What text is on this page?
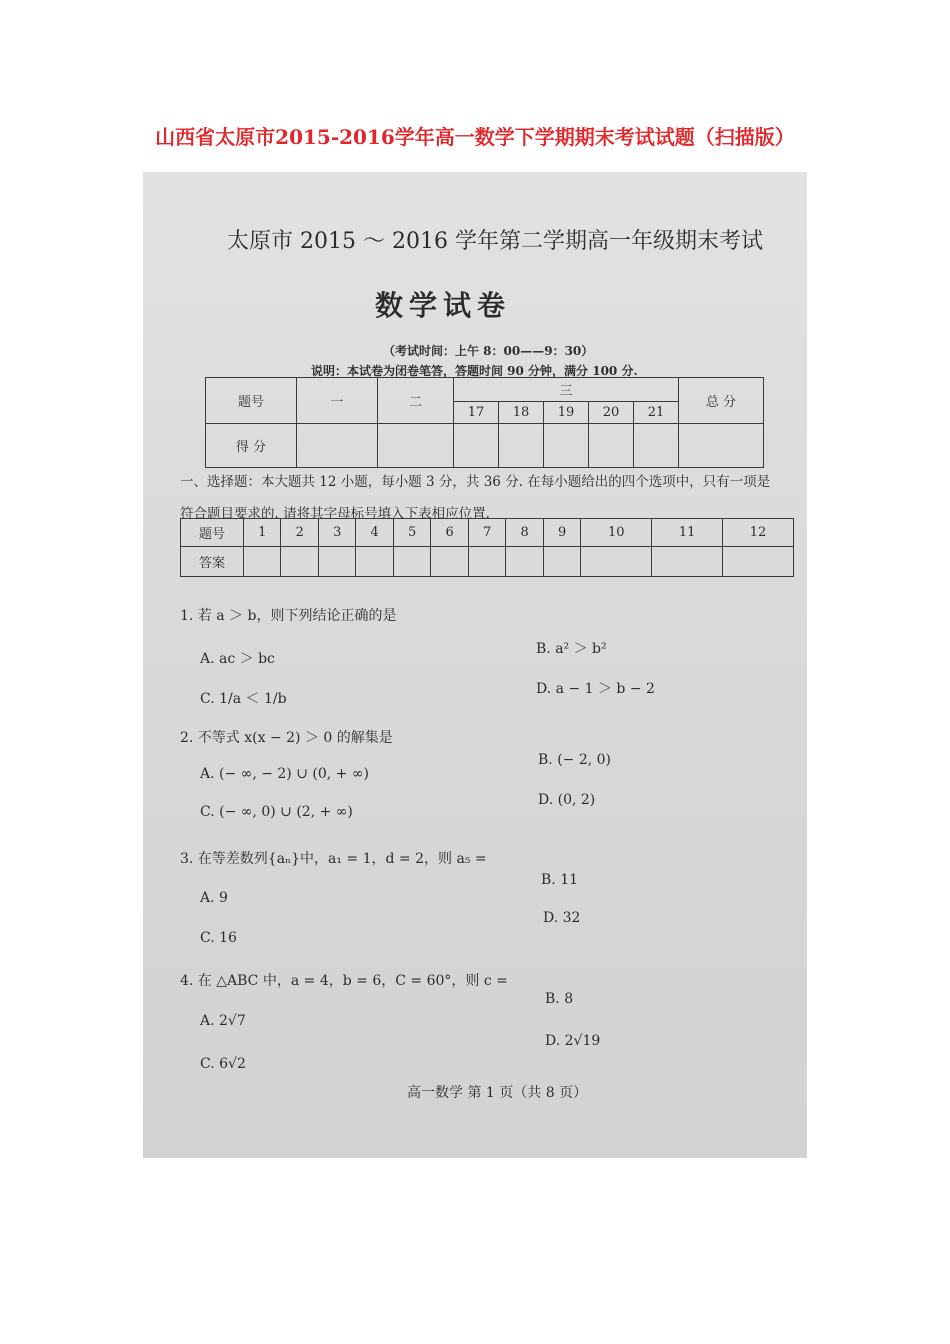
山西省太原市2015-2016学年高一数学下学期期末考试试题（扫描版）
太原市 2015 ～ 2016 学年第二学期高一年级期末考试
数学试卷
（考试时间：上午 8：00——9：30）
说明：本试卷为闭卷笔答，答题时间 90 分钟，满分 100 分.
题号	一	二	三					总 分
			17	18	19	20	21	
得 分								
一、选择题：本大题共 12 小题，每小题 3 分，共 36 分. 在每小题给出的四个选项中，只有一项是
符合题目要求的. 请将其字母标号填入下表相应位置.
题号	1	2	3	4	5	6	7	8	9	10	11	12
答案												
1. 若 a ＞ b，则下列结论正确的是
A. ac ＞ bc
B. a² ＞ b²
C. 1/a ＜ 1/b
D. a − 1 ＞ b − 2
2. 不等式 x(x − 2) ＞ 0 的解集是
A. (− ∞, − 2) ∪ (0, + ∞)
B. (− 2, 0)
C. (− ∞, 0) ∪ (2, + ∞)
D. (0, 2)
3. 在等差数列{aₙ}中，a₁ = 1，d = 2，则 a₅ =
A. 9
B. 11
C. 16
D. 32
4. 在 △ABC 中，a = 4，b = 6，C = 60°，则 c =
A. 2√7
B. 8
C. 6√2
D. 2√19
高一数学 第 1 页（共 8 页）
